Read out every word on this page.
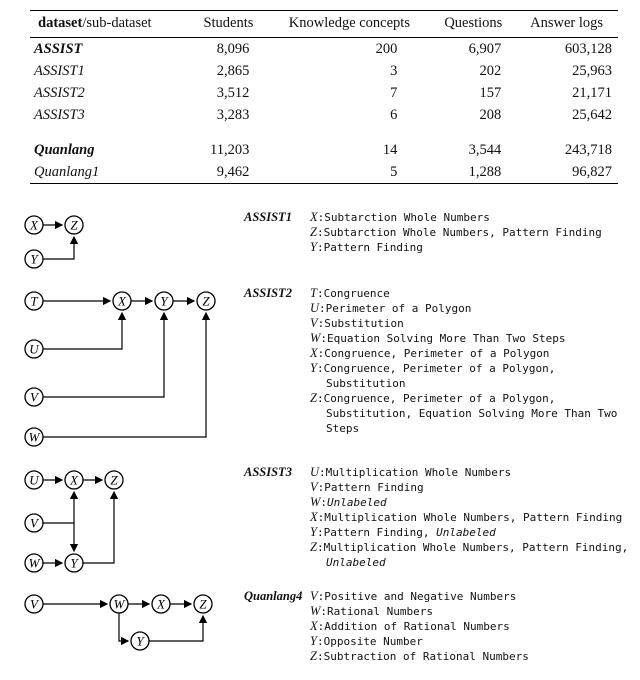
dataset/sub-dataset	Students	Knowledge concepts	Questions	Answer logs
ASSIST	8,096	200	6,907	603,128
ASSIST1	2,865	3	202	25,963
ASSIST2	3,512	7	157	21,171
ASSIST3	3,283	6	208	25,642

Quanlang	11,203	14	3,544	243,718
Quanlang1	9,462	5	1,288	96,827
X Z
Y
ASSIST1	X:Subtarction Whole Numbers
Z:Subtarction Whole Numbers, Pattern Finding
Y:Pattern Finding
T	X	Y	Z
U
V
W
ASSIST2	T:Congruence
U:Perimeter of a Polygon
V:Substitution
W:Equation Solving More Than Two Steps
X:Congruence, Perimeter of a Polygon
Y:Congruence, Perimeter of a Polygon, Substitution
Z:Congruence, Perimeter of a Polygon, Substitution, Equation Solving More Than Two Steps
U X Z
V
W Y
ASSIST3	U:Multiplication Whole Numbers
V:Pattern Finding
W:Unlabeled
X:Multiplication Whole Numbers, Pattern Finding
Y:Pattern Finding, Unlabeled
Z:Multiplication Whole Numbers, Pattern Finding, Unlabeled
V	W	X	Z
Y
Quanlang4 V:Positive and Negative Numbers
W:Rational Numbers
X:Addition of Rational Numbers
Y:Opposite Number
Z:Subtraction of Rational Numbers
